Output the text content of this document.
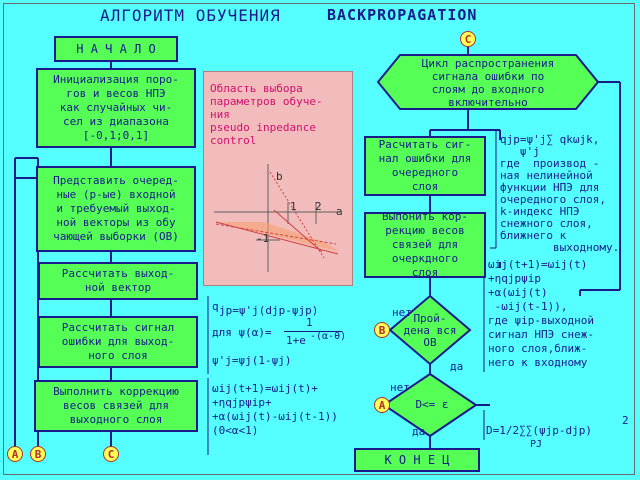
АЛГОРИТМ ОБУЧЕНИЯ	BACKPROPAGATION
Н А Ч А Л О
Инициализация поро-
гов и весов НПЭ
как случайных чи-
сел из диапазона
[-0,1;0,1]
Представить очеред-
ные (р-ые) входной
и требуемый выход-
ной векторы из обу
чающей выборки (ОВ)
Рассчитать выход-
ной вектор
Рассчитать сигнал
ошибки для выход-
ного слоя
Выполнить коррекцию
весов связей для
выходного слоя
Цикл распространения
сигнала ошибки по
слоям до входного
включительно
Расчитать сиг-
нал ошибки для
очередного
слоя
Выпонить кор-
рекцию весов
связей для
очеркдного
слоя
Прой-
дена вся
ОВ
D<= ε
К О Н Е Ц
нет
да
нет
да
A B	C
C
B
A
Область выбора
параметров обуче-
ния
pseudo inpedance
control
b
1 2 a
-1
q jp=ψ'j(djp-ψjp)
для ψ(α)=
1
1+e -(α-θ)
ψ'j=ψj(1-ψj)
ωij(t+1)=ωij(t)+
+ηqjpψip+
+α(ωij(t)-ωij(t-1))
(0<α<1)
qjp=ψ'j∑ qkωjk,
ψ'j
где  производ -
ная нелинейной
функции НПЭ для
очередного слоя,
k-индекс НПЭ
снежного слоя,
ближнего к
выходному.
ωij(t+1)=ωij(t)
+ηqjpψip
+α(ωij(t)
-ωij(t-1)),
где ψip-выходной
сигнал НПЭ снеж-
ного слоя,ближ-
него к входному
D=1/2∑∑(ψjp-djp)
2
PJ
